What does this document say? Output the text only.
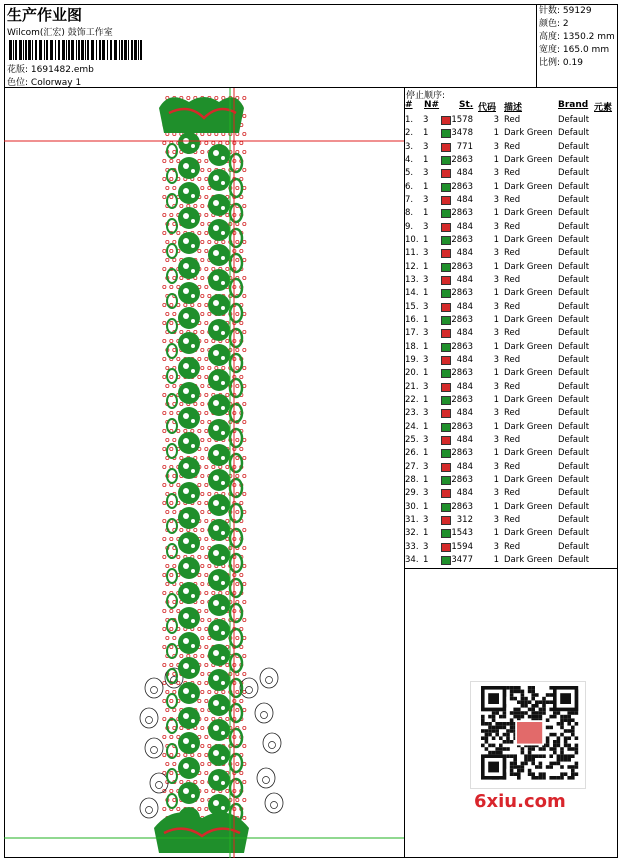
生产作业图
Wilcom(汇宏) 鼓饰工作室
花版: 1691482.emb
色位: Colorway 1
针数: 59129
颜色: 2
高度: 1350.2 mm
宽度: 165.0 mm
比例: 0.19
停止顺序:
# N# St. 代码 描述	Brand 元素
1. 3	1578	3 Red	Default
2. 1	3478	1 Dark Green Default
3. 3	771	3 Red	Default
4. 1	2863	1 Dark Green Default
5. 3	484	3 Red	Default
6. 1	2863	1 Dark Green Default
7. 3	484	3 Red	Default
8. 1	2863	1 Dark Green Default
9. 3	484	3 Red	Default
10. 1	2863	1 Dark Green Default
11. 3	484	3 Red	Default
12. 1	2863	1 Dark Green Default
13. 3	484	3 Red	Default
14. 1	2863	1 Dark Green Default
15. 3	484	3 Red	Default
16. 1	2863	1 Dark Green Default
17. 3	484	3 Red	Default
18. 1	2863	1 Dark Green Default
19. 3	484	3 Red	Default
20. 1	2863	1 Dark Green Default
21. 3	484	3 Red	Default
22. 1	2863	1 Dark Green Default
23. 3	484	3 Red	Default
24. 1	2863	1 Dark Green Default
25. 3	484	3 Red	Default
26. 1	2863	1 Dark Green Default
27. 3	484	3 Red	Default
28. 1	2863	1 Dark Green Default
29. 3	484	3 Red	Default
30. 1	2863	1 Dark Green Default
31. 3	312	3 Red	Default
32. 1	1543	1 Dark Green Default
33. 3	1594	3 Red	Default
34. 1	3477	1 Dark Green Default
6xiu.com
